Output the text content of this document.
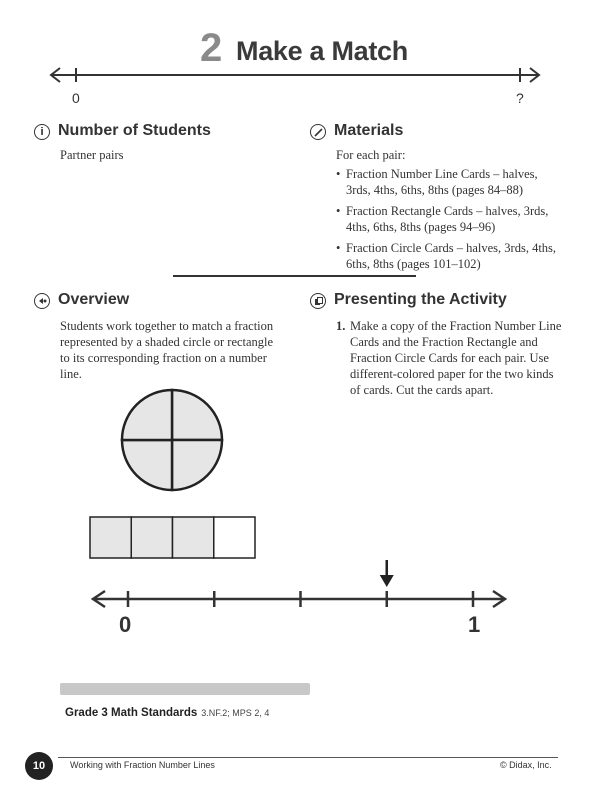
2 Make a Match
0	?
i Number of Students
Partner pairs
Materials
For each pair:
• Fraction Number Line Cards – halves, 3rds, 4ths, 6ths, 8ths (pages 84–88)
• Fraction Rectangle Cards – halves, 3rds, 4ths, 6ths, 8ths (pages 94–96)
• Fraction Circle Cards – halves, 3rds, 4ths, 6ths, 8ths (pages 101–102)
Overview
Students work together to match a fraction represented by a shaded circle or rectangle to its corresponding fraction on a number line.
Presenting the Activity
1. Make a copy of the Fraction Number Line Cards and the Fraction Rectangle and Fraction Circle Cards for each pair. Use different-colored paper for the two kinds of cards. Cut the cards apart.
0	1
Grade 3 Math Standards 3.NF.2; MPS 2, 4
10	Working with Fraction Number Lines	© Didax, Inc.
